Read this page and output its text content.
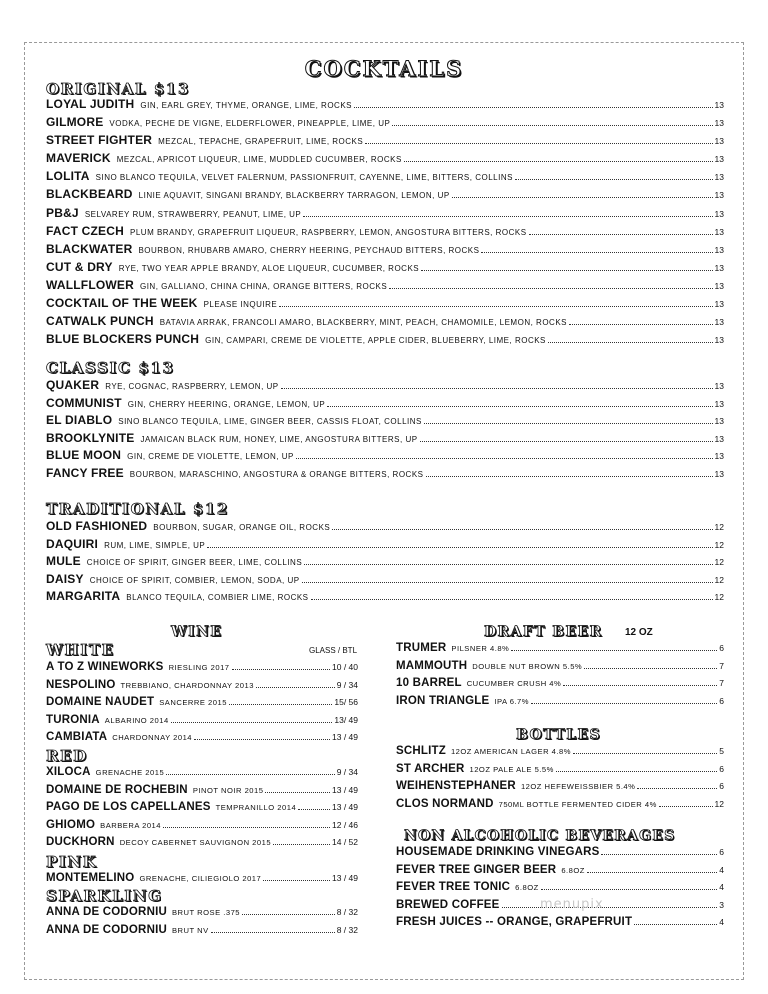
COCKTAILS
ORIGINAL $13
LOYAL JUDITH GIN, EARL GREY, THYME, ORANGE, LIME, ROCKS	13
GILMORE VODKA, PECHE DE VIGNE, ELDERFLOWER, PINEAPPLE, LIME, UP	13
STREET FIGHTER MEZCAL, TEPACHE, GRAPEFRUIT, LIME, ROCKS	13
MAVERICK MEZCAL, APRICOT LIQUEUR, LIME, MUDDLED CUCUMBER, ROCKS	13
LOLITA SINO BLANCO TEQUILA, VELVET FALERNUM, PASSIONFRUIT, CAYENNE, LIME, BITTERS, COLLINS	13
BLACKBEARD LINIE AQUAVIT, SINGANI BRANDY, BLACKBERRY TARRAGON, LEMON, UP	13
PB&J SELVAREY RUM, STRAWBERRY, PEANUT, LIME, UP	13
FACT CZECH PLUM BRANDY, GRAPEFRUIT LIQUEUR, RASPBERRY, LEMON, ANGOSTURA BITTERS, ROCKS	13
BLACKWATER BOURBON, RHUBARB AMARO, CHERRY HEERING, PEYCHAUD BITTERS, ROCKS	13
CUT & DRY RYE, TWO YEAR APPLE BRANDY, ALOE LIQUEUR, CUCUMBER, ROCKS	13
WALLFLOWER GIN, GALLIANO, CHINA CHINA, ORANGE BITTERS, ROCKS	13
COCKTAIL OF THE WEEK PLEASE INQUIRE	13
CATWALK PUNCH BATAVIA ARRAK, FRANCOLI AMARO, BLACKBERRY, MINT, PEACH, CHAMOMILE, LEMON, ROCKS	13
BLUE BLOCKERS PUNCH GIN, CAMPARI, CREME DE VIOLETTE, APPLE CIDER, BLUEBERRY, LIME, ROCKS	13
CLASSIC $13
QUAKER RYE, COGNAC, RASPBERRY, LEMON, UP	13
COMMUNIST GIN, CHERRY HEERING, ORANGE, LEMON, UP	13
EL DIABLO SINO BLANCO TEQUILA, LIME, GINGER BEER, CASSIS FLOAT, COLLINS	13
BROOKLYNITE JAMAICAN BLACK RUM, HONEY, LIME, ANGOSTURA BITTERS, UP	13
BLUE MOON GIN, CREME DE VIOLETTE, LEMON, UP	13
FANCY FREE BOURBON, MARASCHINO, ANGOSTURA & ORANGE BITTERS, ROCKS	13
TRADITIONAL $12
OLD FASHIONED BOURBON, SUGAR, ORANGE OIL, ROCKS	12
DAQUIRI RUM, LIME, SIMPLE, UP	12
MULE CHOICE OF SPIRIT, GINGER BEER, LIME, COLLINS	12
DAISY CHOICE OF SPIRIT, COMBIER, LEMON, SODA, UP	12
MARGARITA BLANCO TEQUILA, COMBIER LIME, ROCKS	12
WINE
WHITE	GLASS / BTL
A TO Z WINEWORKS RIESLING 2017	10 / 40
NESPOLINO TREBBIANO, CHARDONNAY 2013	9 / 34
DOMAINE NAUDET SANCERRE 2015	15/ 56
TURONIA ALBARINO 2014	13/ 49
CAMBIATA CHARDONNAY 2014	13 / 49
RED
XILOCA GRENACHE 2015	9 / 34
DOMAINE DE ROCHEBIN PINOT NOIR 2015	13 / 49
PAGO DE LOS CAPELLANES TEMPRANILLO 2014	13 / 49
GHIOMO BARBERA 2014	12 / 46
DUCKHORN DECOY CABERNET SAUVIGNON 2015	14 / 52
PINK
MONTEMELINO GRENACHE, CILIEGIOLO 2017	13 / 49
SPARKLING
ANNA DE CODORNIU BRUT ROSE .375	8 / 32
ANNA DE CODORNIU BRUT NV	8 / 32
DRAFT BEER 12 OZ
TRUMER PILSNER 4.8%	6
MAMMOUTH DOUBLE NUT BROWN 5.5%	7
10 BARREL CUCUMBER CRUSH 4%	7
IRON TRIANGLE IPA 6.7%	6
BOTTLES
SCHLITZ 12OZ AMERICAN LAGER 4.8%	5
ST ARCHER 12OZ PALE ALE 5.5%	6
WEIHENSTEPHANER 12OZ HEFEWEISSBIER 5.4%	6
CLOS NORMAND 750ML BOTTLE FERMENTED CIDER 4%	12
NON ALCOHOLIC BEVERAGES
HOUSEMADE DRINKING VINEGARS	6
FEVER TREE GINGER BEER 6.8OZ	4
FEVER TREE TONIC 6.8OZ	4
BREWED COFFEE	3
FRESH JUICES -- ORANGE, GRAPEFRUIT	4
menupix
